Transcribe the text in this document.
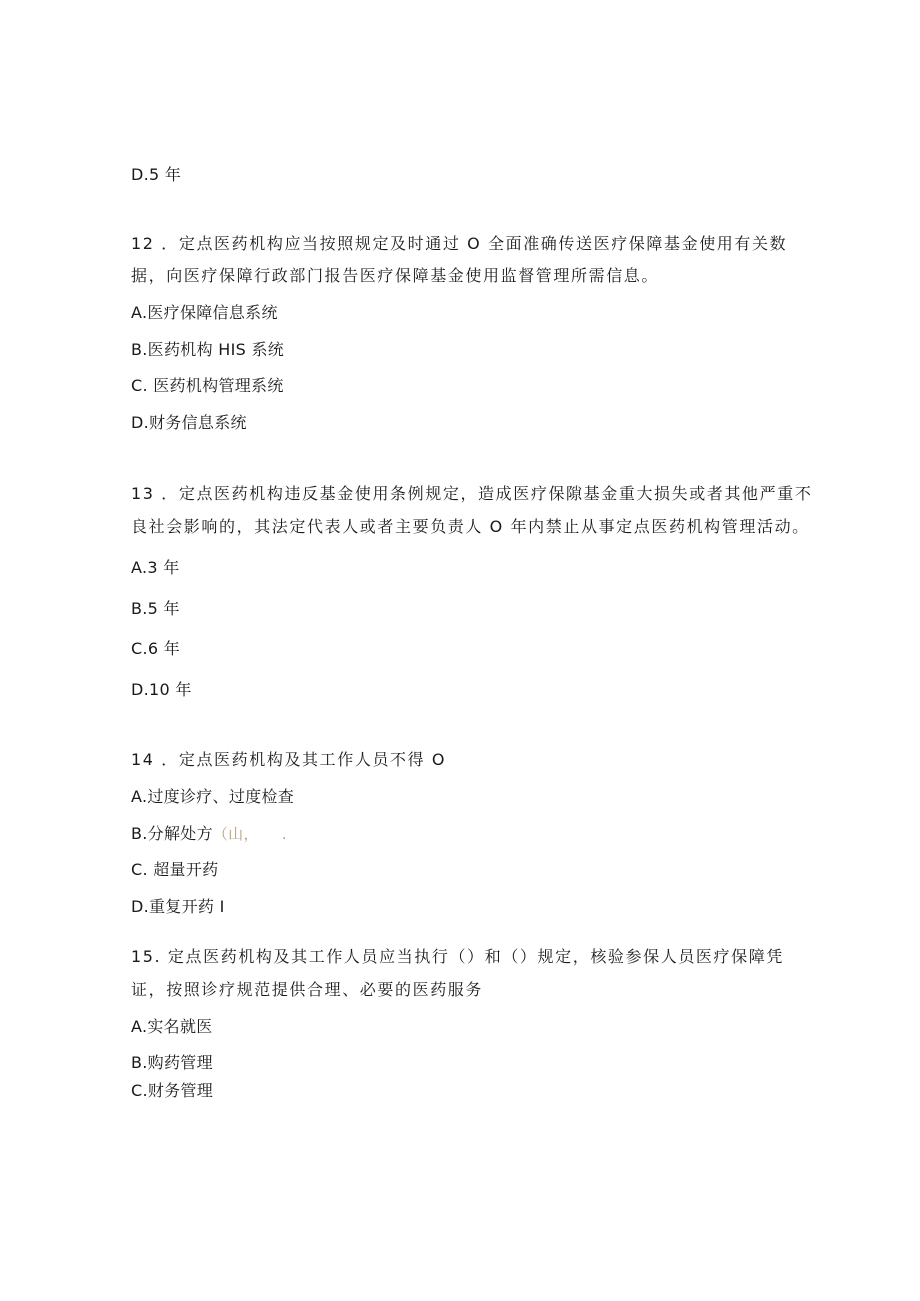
D.5 年
12 ．定点医药机构应当按照规定及时通过 O 全面准确传送医疗保障基金使用有关数
据，向医疗保障行政部门报告医疗保障基金使用监督管理所需信息。
A.医疗保障信息系统
B.医药机构 HIS 系统
C. 医药机构管理系统
D.财务信息系统
13 ．定点医药机构违反基金使用条例规定，造成医疗保隙基金重大损失或者其他严重不
良社会影响的，其法定代表人或者主要负责人 O 年内禁止从事定点医药机构管理活动。
A.3 年
B.5 年
C.6 年
D.10 年
14 ．定点医药机构及其工作人员不得 O
A.过度诊疗、过度检查
B.分解处方（山，　　.
C. 超量开药
D.重复开药 I
15. 定点医药机构及其工作人员应当执行（）和（）规定，核验参保人员医疗保障凭
证，按照诊疗规范提供合理、必要的医药服务
A.实名就医
B.购药管理
C.财务管理
